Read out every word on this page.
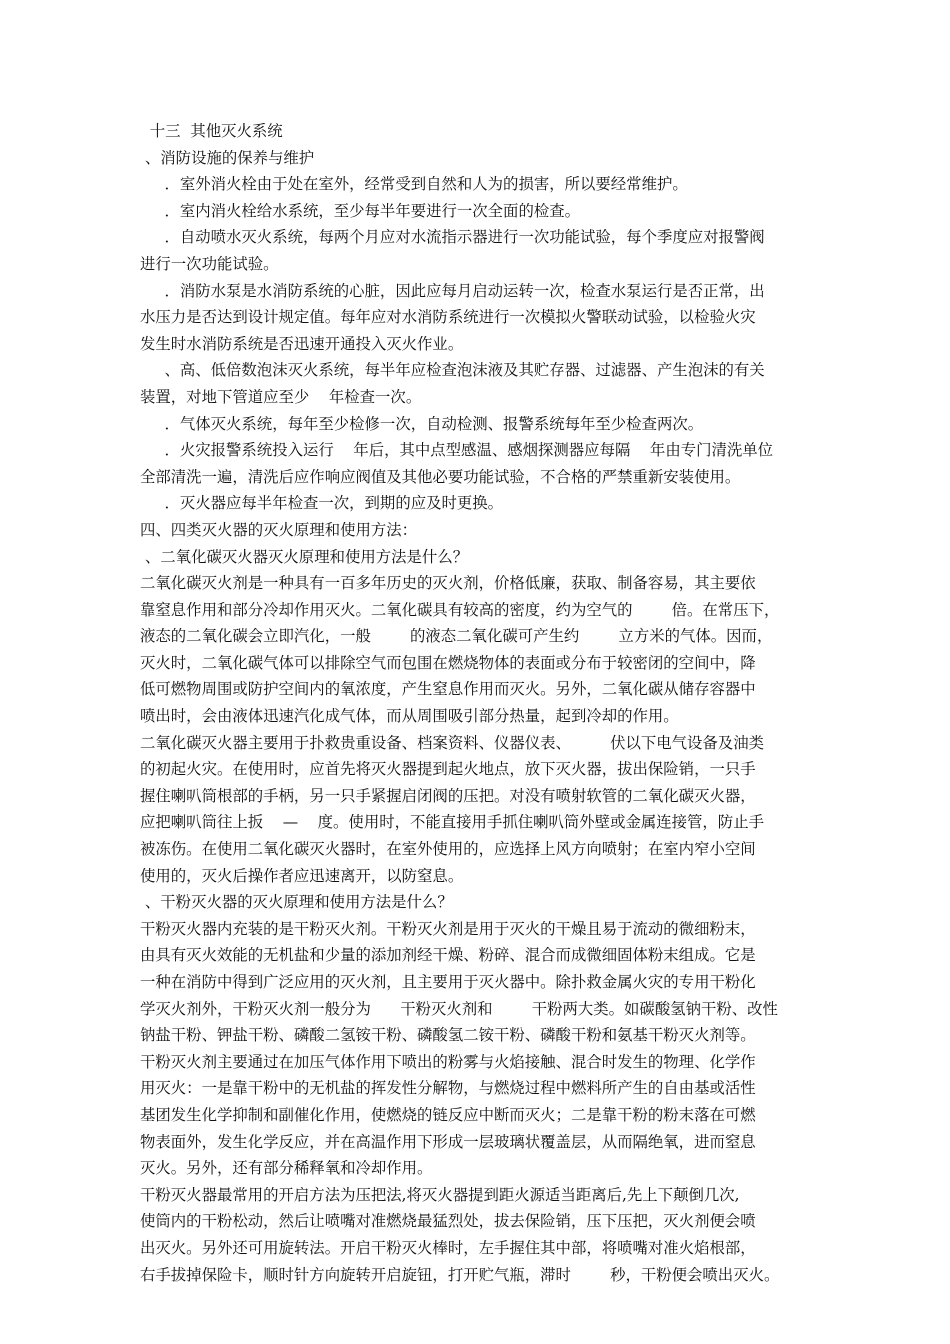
十三  其他灭火系统

、消防设施的保养与维护

．室外消火栓由于处在室外，经常受到自然和人为的损害，所以要经常维护。

．室内消火栓给水系统，至少每半年要进行一次全面的检查。

．自动喷水灭火系统，每两个月应对水流指示器进行一次功能试验，每个季度应对报警阀

进行一次功能试验。

．消防水泵是水消防系统的心脏，因此应每月启动运转一次，检查水泵运行是否正常，出

水压力是否达到设计规定值。每年应对水消防系统进行一次模拟火警联动试验，以检验火灾

发生时水消防系统是否迅速开通投入灭火作业。

、高、低倍数泡沫灭火系统，每半年应检查泡沫液及其贮存器、过滤器、产生泡沫的有关

装置，对地下管道应至少    年检查一次。

．气体灭火系统，每年至少检修一次，自动检测、报警系统每年至少检查两次。

．火灾报警系统投入运行    年后，其中点型感温、感烟探测器应每隔    年由专门清洗单位

全部清洗一遍，清洗后应作响应阀值及其他必要功能试验，不合格的严禁重新安装使用。

．灭火器应每半年检查一次，到期的应及时更换。

四、四类灭火器的灭火原理和使用方法：

、二氧化碳灭火器灭火原理和使用方法是什么？

二氧化碳灭火剂是一种具有一百多年历史的灭火剂，价格低廉，获取、制备容易，其主要依

靠窒息作用和部分冷却作用灭火。二氧化碳具有较高的密度，约为空气的        倍。在常压下，

液态的二氧化碳会立即汽化，一般        的液态二氧化碳可产生约        立方米的气体。因而，

灭火时，二氧化碳气体可以排除空气而包围在燃烧物体的表面或分布于较密闭的空间中，降

低可燃物周围或防护空间内的氧浓度，产生窒息作用而灭火。另外，二氧化碳从储存容器中

喷出时，会由液体迅速汽化成气体，而从周围吸引部分热量，起到冷却的作用。

二氧化碳灭火器主要用于扑救贵重设备、档案资料、仪器仪表、        伏以下电气设备及油类

的初起火灾。在使用时，应首先将灭火器提到起火地点，放下灭火器，拔出保险销，一只手

握住喇叭筒根部的手柄，另一只手紧握启闭阀的压把。对没有喷射软管的二氧化碳灭火器，

应把喇叭筒往上扳    —    度。使用时，不能直接用手抓住喇叭筒外壁或金属连接管，防止手

被冻伤。在使用二氧化碳灭火器时，在室外使用的，应选择上风方向喷射；在室内窄小空间

使用的，灭火后操作者应迅速离开，以防窒息。

、干粉灭火器的灭火原理和使用方法是什么？

干粉灭火器内充装的是干粉灭火剂。干粉灭火剂是用于灭火的干燥且易于流动的微细粉末，

由具有灭火效能的无机盐和少量的添加剂经干燥、粉碎、混合而成微细固体粉末组成。它是

一种在消防中得到广泛应用的灭火剂，且主要用于灭火器中。除扑救金属火灾的专用干粉化

学灭火剂外，干粉灭火剂一般分为      干粉灭火剂和        干粉两大类。如碳酸氢钠干粉、改性

钠盐干粉、钾盐干粉、磷酸二氢铵干粉、磷酸氢二铵干粉、磷酸干粉和氨基干粉灭火剂等。

干粉灭火剂主要通过在加压气体作用下喷出的粉雾与火焰接触、混合时发生的物理、化学作

用灭火：一是靠干粉中的无机盐的挥发性分解物，与燃烧过程中燃料所产生的自由基或活性

基团发生化学抑制和副催化作用，使燃烧的链反应中断而灭火；二是靠干粉的粉末落在可燃

物表面外，发生化学反应，并在高温作用下形成一层玻璃状覆盖层，从而隔绝氧，进而窒息

灭火。另外，还有部分稀释氧和冷却作用。

干粉灭火器最常用的开启方法为压把法,将灭火器提到距火源适当距离后,先上下颠倒几次,

使筒内的干粉松动，然后让喷嘴对准燃烧最猛烈处，拔去保险销，压下压把，灭火剂便会喷

出灭火。另外还可用旋转法。开启干粉灭火棒时，左手握住其中部，将喷嘴对准火焰根部，

右手拔掉保险卡，顺时针方向旋转开启旋钮，打开贮气瓶，滞时        秒，干粉便会喷出灭火。
